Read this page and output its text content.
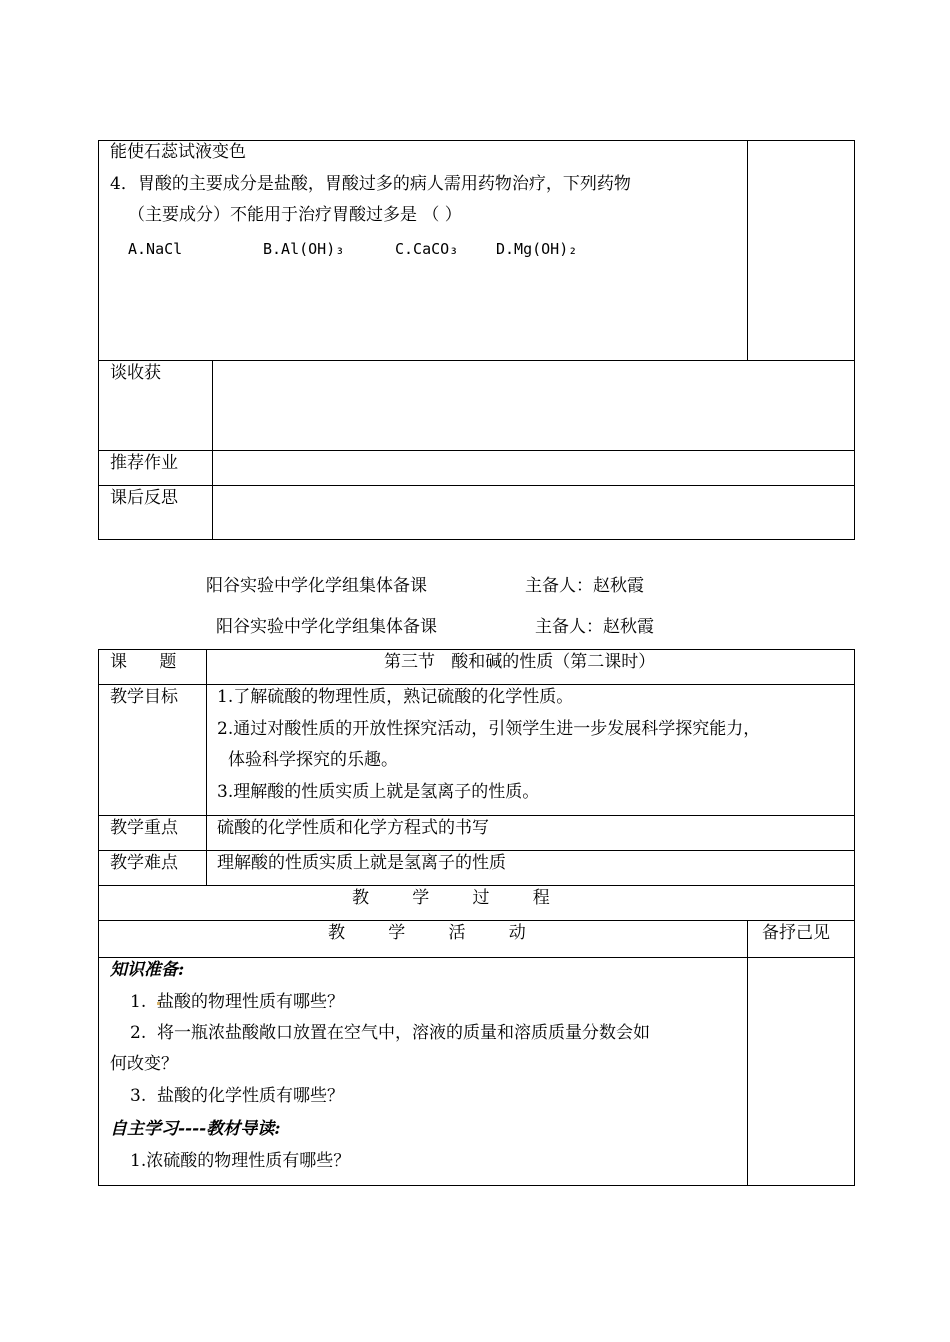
能使石蕊试液变色
4．胃酸的主要成分是盐酸，胃酸过多的病人需用药物治疗，下列药物
（主要成分）不能用于治疗胃酸过多是 （ ）
A.NaCl	B.Al(OH)₃	C.CaCO₃	D.Mg(OH)₂
谈收获
推荐作业
课后反思
阳谷实验中学化学组集体备课	主备人：赵秋霞
阳谷实验中学化学组集体备课	主备人：赵秋霞
课      题	第三节   酸和碱的性质（第二课时）
教学目标 1.了解硫酸的物理性质，熟记硫酸的化学性质。
2.通过对酸性质的开放性探究活动，引领学生进一步发展科学探究能力，
体验科学探究的乐趣。
3.理解酸的性质实质上就是氢离子的性质。
教学重点 硫酸的化学性质和化学方程式的书写
教学难点 理解酸的性质实质上就是氢离子的性质
教        学        过        程
教        学        活        动	备抒己见
知识准备:
1.  盐酸的物理性质有哪些？
2.  将一瓶浓盐酸敞口放置在空气中，溶液的质量和溶质质量分数会如
何改变？
3.  盐酸的化学性质有哪些？
自主学习----教材导读:
1.浓硫酸的物理性质有哪些？
